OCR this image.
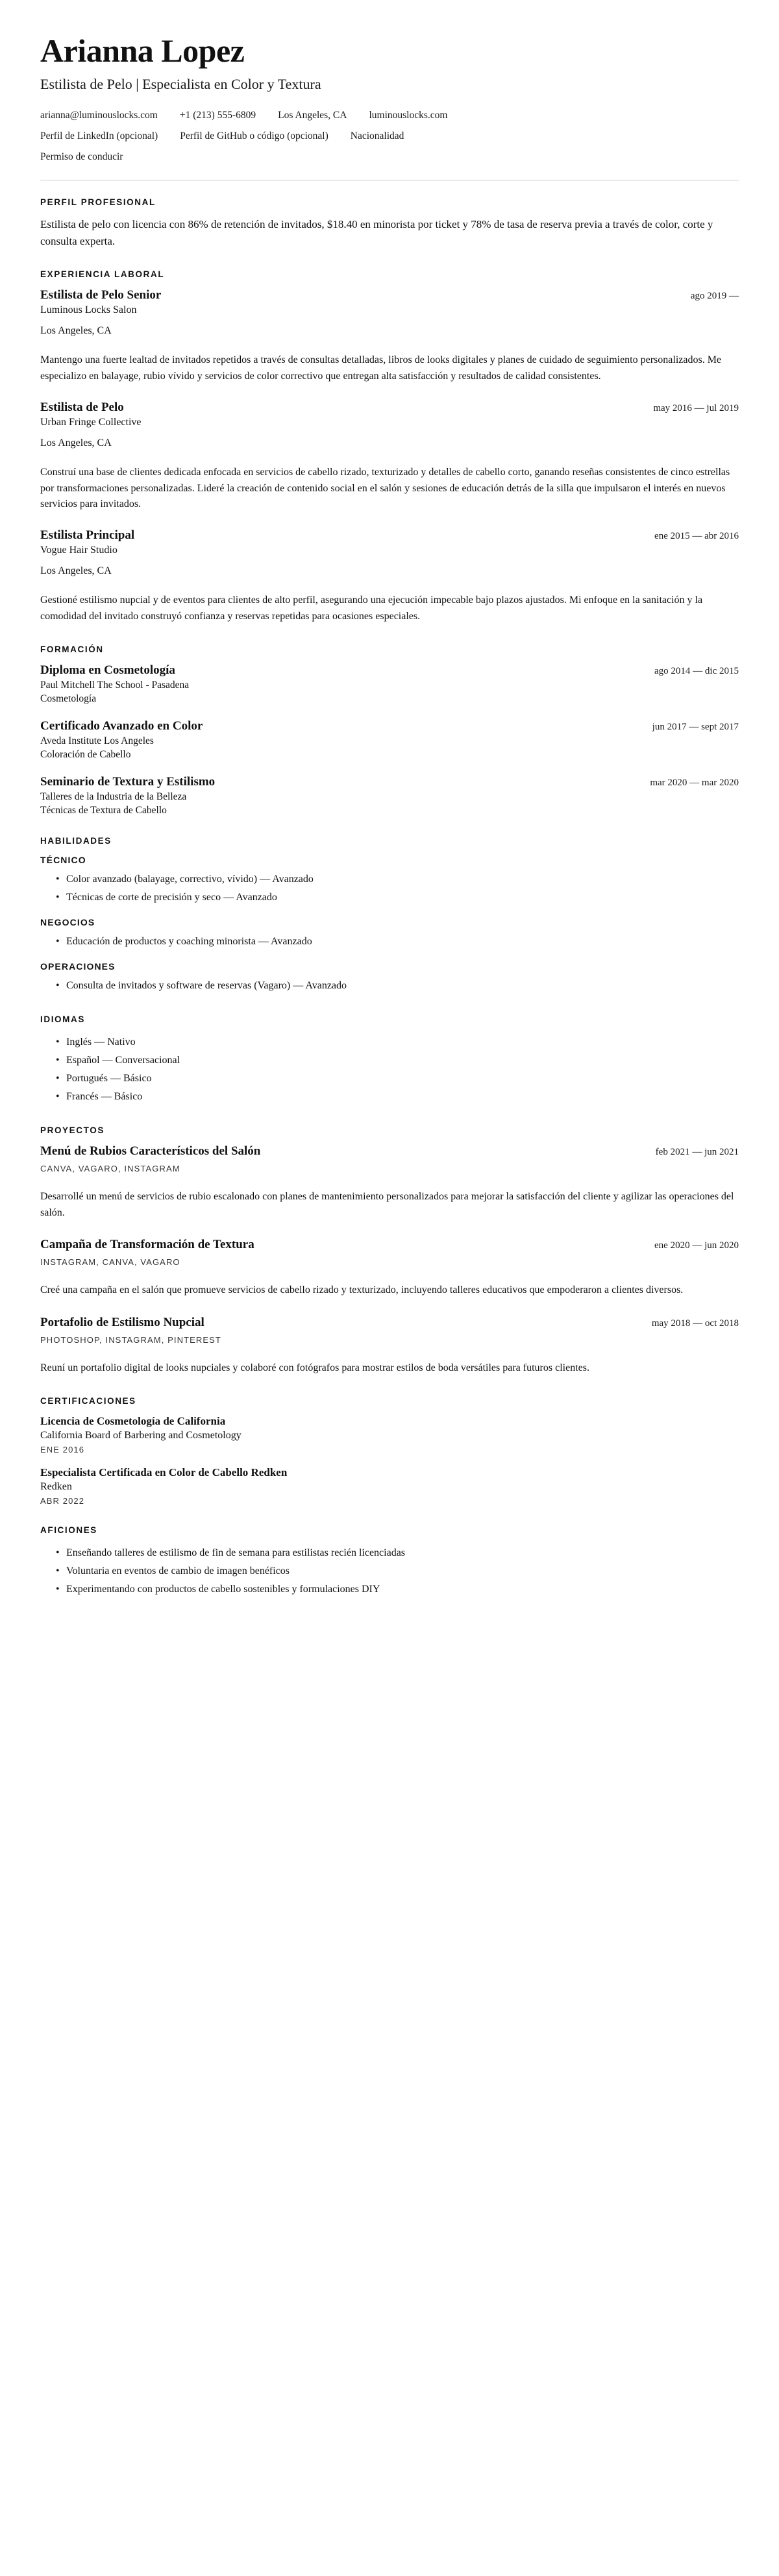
Arianna Lopez
Estilista de Pelo | Especialista en Color y Textura
arianna@luminouslocks.com +1 (213) 555-6809 Los Angeles, CA luminouslocks.com
Perfil de LinkedIn (opcional) Perfil de GitHub o código (opcional) Nacionalidad
Permiso de conducir
PERFIL PROFESIONAL

Estilista de pelo con licencia con 86% de retención de invitados, $18.40 en minorista por ticket y 78% de tasa de reserva previa a través de color, corte y consulta experta.

EXPERIENCIA LABORAL
Estilista de Pelo Senior	ago 2019 —
Luminous Locks Salon
Los Angeles, CA

Mantengo una fuerte lealtad de invitados repetidos a través de consultas detalladas, libros de looks digitales y planes de cuidado de seguimiento personalizados. Me especializo en balayage, rubio vívido y servicios de color correctivo que entregan alta satisfacción y resultados de calidad consistentes.

Estilista de Pelo	may 2016 — jul 2019
Urban Fringe Collective
Los Angeles, CA

Construí una base de clientes dedicada enfocada en servicios de cabello rizado, texturizado y detalles de cabello corto, ganando reseñas consistentes de cinco estrellas por transformaciones personalizadas. Lideré la creación de contenido social en el salón y sesiones de educación detrás de la silla que impulsaron el interés en nuevos servicios para invitados.

Estilista Principal	ene 2015 — abr 2016
Vogue Hair Studio
Los Angeles, CA

Gestioné estilismo nupcial y de eventos para clientes de alto perfil, asegurando una ejecución impecable bajo plazos ajustados. Mi enfoque en la sanitación y la comodidad del invitado construyó confianza y reservas repetidas para ocasiones especiales.

FORMACIÓN
Diploma en Cosmetología	ago 2014 — dic 2015
Paul Mitchell The School - Pasadena
Cosmetología
Certificado Avanzado en Color	jun 2017 — sept 2017
Aveda Institute Los Angeles
Coloración de Cabello
Seminario de Textura y Estilismo	mar 2020 — mar 2020
Talleres de la Industria de la Belleza
Técnicas de Textura de Cabello
HABILIDADES
TÉCNICO
• Color avanzado (balayage, correctivo, vívido) — Avanzado
• Técnicas de corte de precisión y seco — Avanzado
NEGOCIOS
• Educación de productos y coaching minorista — Avanzado
OPERACIONES
• Consulta de invitados y software de reservas (Vagaro) — Avanzado
IDIOMAS
• Inglés — Nativo
• Español — Conversacional
• Portugués — Básico
• Francés — Básico
PROYECTOS
Menú de Rubios Característicos del Salón	feb 2021 — jun 2021
CANVA, VAGARO, INSTAGRAM

Desarrollé un menú de servicios de rubio escalonado con planes de mantenimiento personalizados para mejorar la satisfacción del cliente y agilizar las operaciones del salón.

Campaña de Transformación de Textura	ene 2020 — jun 2020
INSTAGRAM, CANVA, VAGARO

Creé una campaña en el salón que promueve servicios de cabello rizado y texturizado, incluyendo talleres educativos que empoderaron a clientes diversos.

Portafolio de Estilismo Nupcial	may 2018 — oct 2018
PHOTOSHOP, INSTAGRAM, PINTEREST

Reuní un portafolio digital de looks nupciales y colaboré con fotógrafos para mostrar estilos de boda versátiles para futuros clientes.

CERTIFICACIONES
Licencia de Cosmetología de California
California Board of Barbering and Cosmetology
ENE 2016
Especialista Certificada en Color de Cabello Redken
Redken
ABR 2022
AFICIONES
• Enseñando talleres de estilismo de fin de semana para estilistas recién licenciadas
• Voluntaria en eventos de cambio de imagen benéficos
• Experimentando con productos de cabello sostenibles y formulaciones DIY
